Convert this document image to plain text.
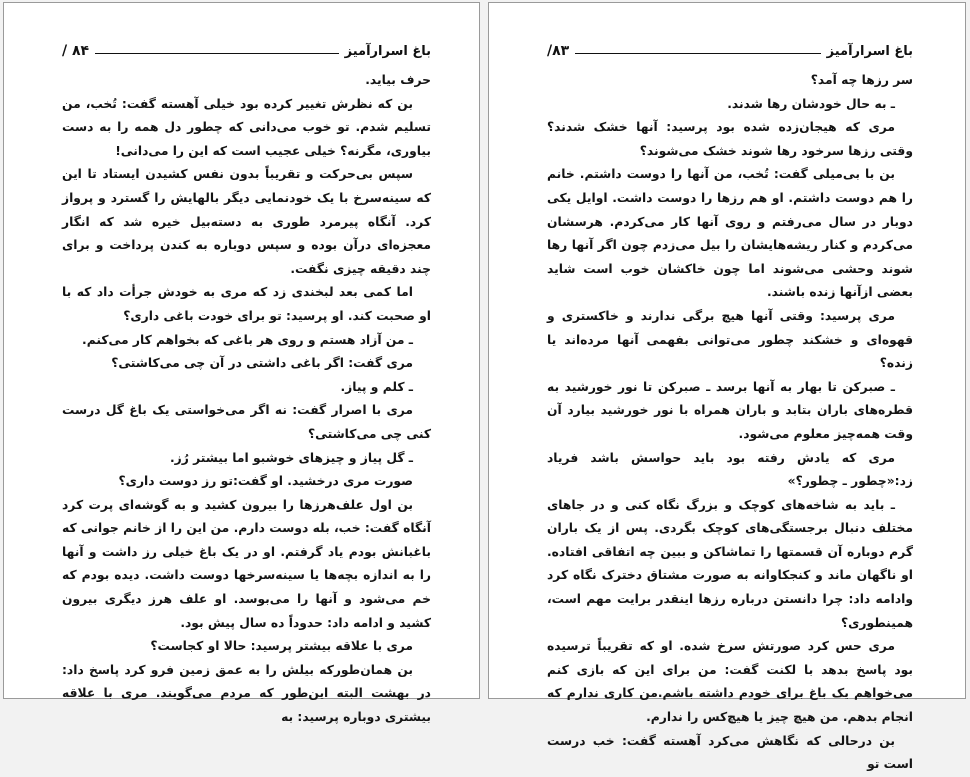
باغ اسرارآمیز
/ ۸۴

حرف بیاید.

بن که نظرش تغییر کرده بود خیلی آهسته گفت: تُخب، من تسلیم شدم. تو خوب می‌دانی که چطور دل همه را به دست بیاوری، مگرنه؟ خیلی عجیب است که این را می‌دانی!

سپس بی‌حرکت و تقریباً بدون نفس کشیدن ایستاد تا این که سینه‌سرخ با یک خودنمایی دیگر بالهایش را گسترد و پرواز کرد. آنگاه پیرمرد طوری به دسته‌بیل خیره شد که انگار معجزه‌ای درآن بوده و سپس دوباره به کندن پرداخت و برای چند دقیقه چیزی نگفت.

اما کمی بعد لبخندی زد که مری به خودش جرأت داد که با او صحبت کند. او پرسید: تو برای خودت باغی داری؟

ـ من آزاد هستم و روی هر باغی که بخواهم کار می‌کنم.

مری گفت: اگر باغی داشتی در آن چی می‌کاشتی؟

ـ کلم و پیاز.

مری با اصرار گفت: نه اگر می‌خواستی یک باغ گل درست کنی چی می‌کاشتی؟

ـ گل پیاز و چیزهای خوشبو اما بیشتر رُز.

صورت مری درخشید. او گفت:تو رز دوست داری؟

بن اول علف‌هرزها را بیرون کشید و به گوشه‌ای پرت کرد آنگاه گفت: خب، بله دوست دارم. من این را از خانم جوانی که باغبانش بودم یاد گرفتم. او در یک باغ خیلی رز داشت و آنها را به اندازه بچه‌ها یا سینه‌سرخها دوست داشت. دیده بودم که خم می‌شود و آنها را می‌بوسد. او علف هرز دیگری بیرون کشید و ادامه داد: حدوداً ده سال پیش بود.

مری با علاقه بیشتر پرسید: حالا او کجاست؟

بن همان‌طورکه بیلش را به عمق زمین فرو کرد پاسخ داد: در بهشت البته این‌طور که مردم می‌گویند. مری با علاقه بیشتری دوباره پرسید: به

باغ اسرارآمیز
/۸۳

سر رزها چه آمد؟

ـ به حال خودشان رها شدند.

مری که هیجان‌زده شده بود پرسید: آنها خشک شدند؟ وقتی رزها سرخود رها شوند خشک می‌شوند؟

بن با بی‌میلی گفت: تُخب، من آنها را دوست داشتم. خانم را هم دوست داشتم. او هم رزها را دوست داشت. اوایل یکی دوبار در سال می‌رفتم و روی آنها کار می‌کردم. هرسشان می‌کردم و کنار ریشه‌هایشان را بیل می‌زدم چون اگر آنها رها شوند وحشی می‌شوند اما چون خاکشان خوب است شاید بعضی ازآنها زنده باشند.

مری پرسید: وقتی آنها هیچ برگی ندارند و خاکستری و قهوه‌ای و خشکند چطور می‌توانی بفهمی آنها مرده‌اند یا زنده؟

ـ صبرکن تا بهار به آنها برسد ـ صبرکن تا نور خورشید به قطره‌های باران بتابد و باران همراه با نور خورشید بیارد آن وقت همه‌چیز معلوم می‌شود.

مری که یادش رفته بود باید حواسش باشد فریاد زد:«چطور ـ چطور؟»

ـ باید به شاخه‌های کوچک و بزرگ نگاه کنی و در جاهای مختلف دنبال برجستگی‌های کوچک بگردی. پس از یک باران گرم دوباره آن قسمتها را تماشاکن و ببین چه اتفاقی افتاده. او ناگهان ماند و کنجکاوانه به صورت مشتاق دخترک نگاه کرد وادامه داد: چرا دانستن درباره رزها اینقدر برایت مهم است، همینطوری؟

مری حس کرد صورتش سرخ شده. او که تقریباً ترسیده بود پاسخ بدهد با لکنت گفت: من برای این که بازی کنم می‌خواهم یک باغ برای خودم داشته باشم.من کاری ندارم که انجام بدهم. من هیچ چیز یا هیچ‌کس را ندارم.

بن درحالی که نگاهش می‌کرد آهسته گفت: خب درست است تو
